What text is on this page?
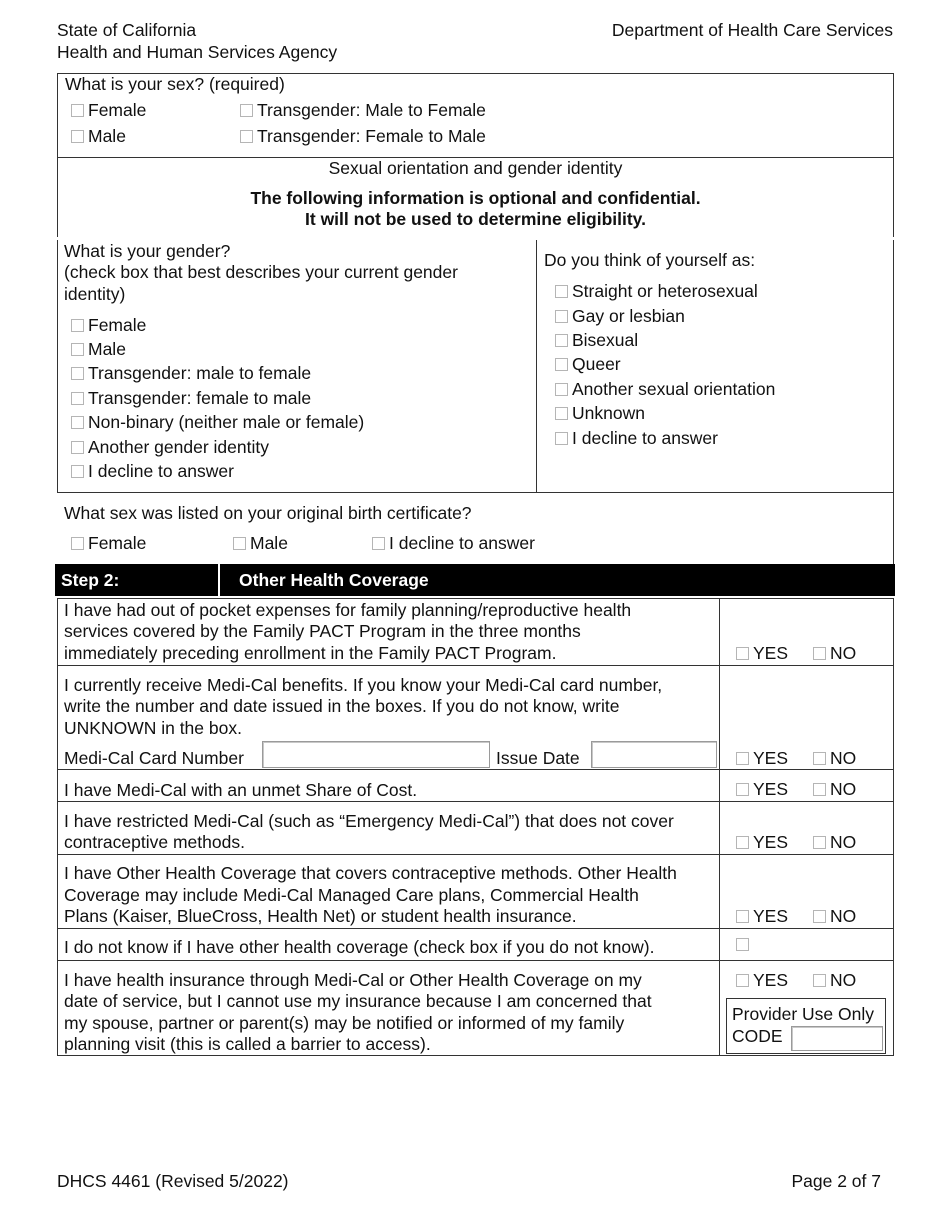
State of California
Health and Human Services Agency
Department of Health Care Services
What is your sex? (required)
Female	Transgender: Male to Female
Male	Transgender: Female to Male
Sexual orientation and gender identity
The following information is optional and confidential.
It will not be used to determine eligibility.
What is your gender?
(check box that best describes your current gender
identity)
Female
Male
Transgender: male to female
Transgender: female to male
Non-binary (neither male or female)
Another gender identity
I decline to answer
Do you think of yourself as:
Straight or heterosexual
Gay or lesbian
Bisexual
Queer
Another sexual orientation
Unknown
I decline to answer
What sex was listed on your original birth certificate?
Female	Male	I decline to answer
Step 2:	Other Health Coverage
I have had out of pocket expenses for family planning/reproductive health
services covered by the Family PACT Program in the three months
immediately preceding enrollment in the Family PACT Program.	YES	NO
I currently receive Medi-Cal benefits. If you know your Medi-Cal card number,
write the number and date issued in the boxes. If you do not know, write
UNKNOWN in the box.
Medi-Cal Card Number	Issue Date	YES	NO
I have Medi-Cal with an unmet Share of Cost.	YES	NO
I have restricted Medi-Cal (such as “Emergency Medi-Cal”) that does not cover
contraceptive methods.	YES	NO
I have Other Health Coverage that covers contraceptive methods. Other Health
Coverage may include Medi-Cal Managed Care plans, Commercial Health
Plans (Kaiser, BlueCross, Health Net) or student health insurance.	YES	NO
I do not know if I have other health coverage (check box if you do not know).
I have health insurance through Medi-Cal or Other Health Coverage on my
date of service, but I cannot use my insurance because I am concerned that
my spouse, partner or parent(s) may be notified or informed of my family
planning visit (this is called a barrier to access).
YES	NO
Provider Use Only
CODE
DHCS 4461 (Revised 5/2022)	Page 2 of 7
